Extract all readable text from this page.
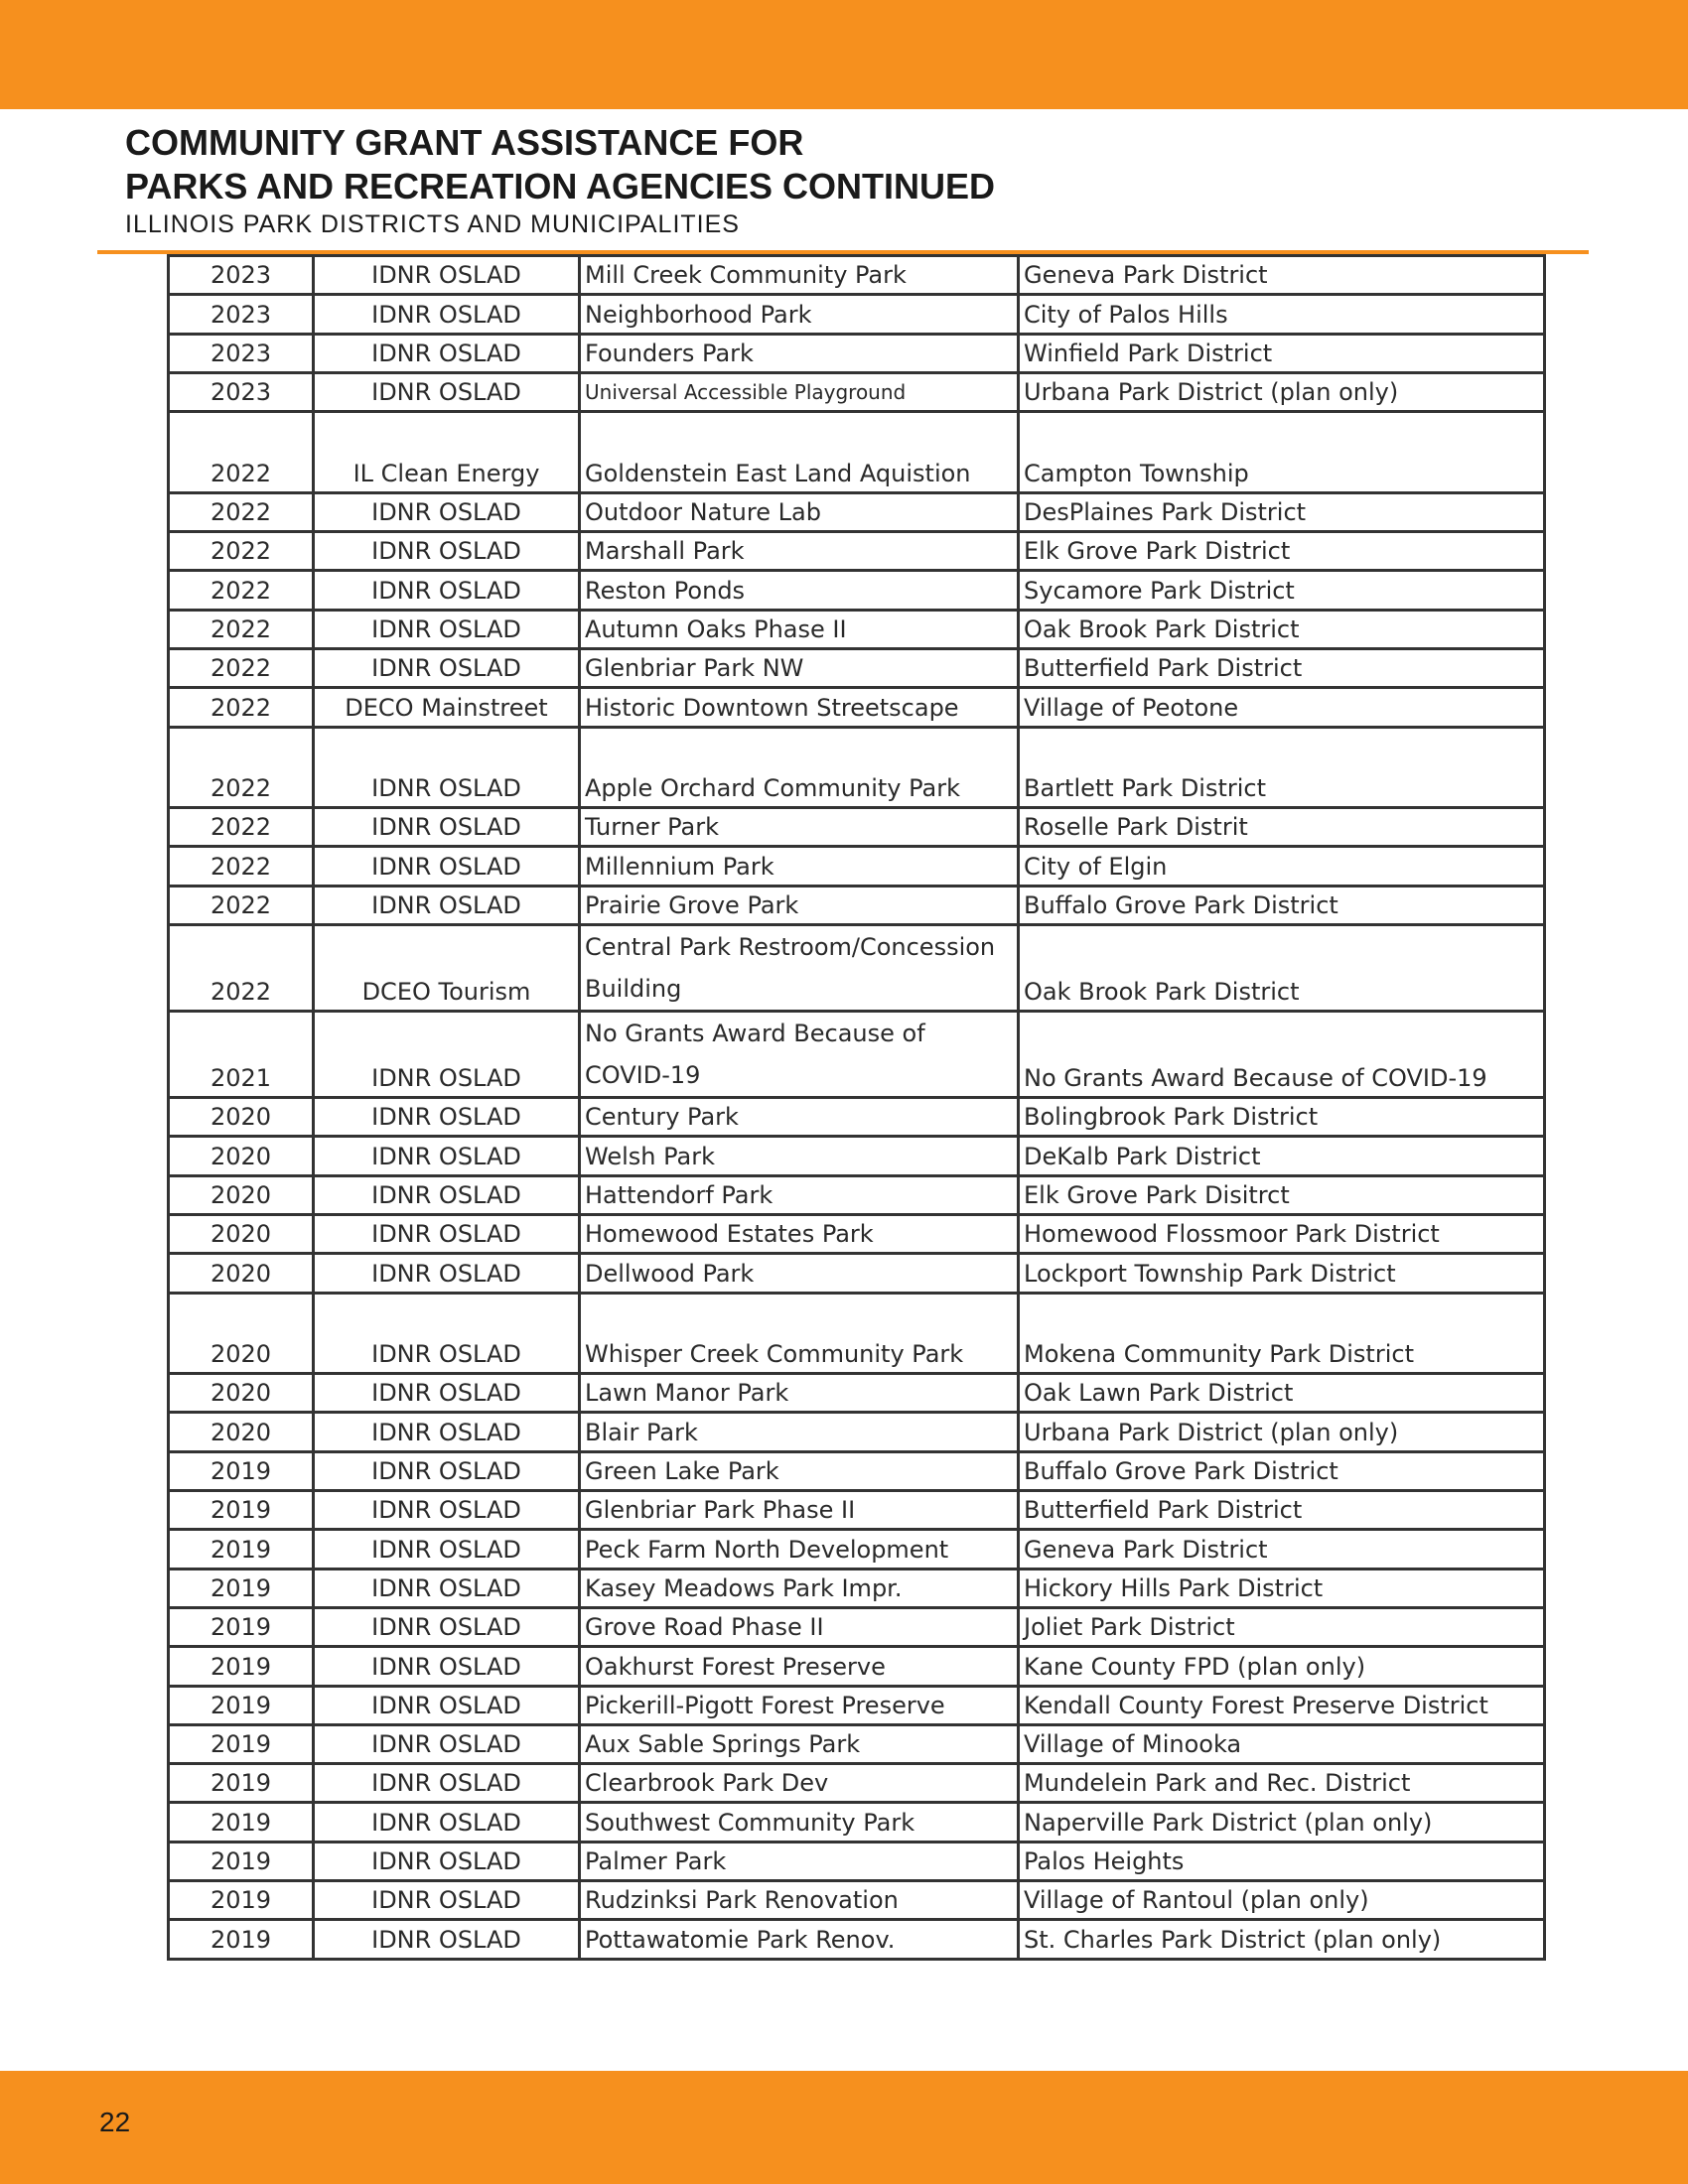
COMMUNITY GRANT ASSISTANCE FOR
PARKS AND RECREATION AGENCIES CONTINUED
ILLINOIS PARK DISTRICTS AND MUNICIPALITIES
2023	IDNR OSLAD	Mill Creek Community Park	Geneva Park District
2023	IDNR OSLAD	Neighborhood Park	City of Palos Hills
2023	IDNR OSLAD	Founders Park	Winfield Park District
2023	IDNR OSLAD	Universal Accessible Playground	Urbana Park District (plan only)
2022	IL Clean Energy	Goldenstein East Land Aquistion	Campton Township
2022	IDNR OSLAD	Outdoor Nature Lab	DesPlaines Park District
2022	IDNR OSLAD	Marshall Park	Elk Grove Park District
2022	IDNR OSLAD	Reston Ponds	Sycamore Park District
2022	IDNR OSLAD	Autumn Oaks Phase II	Oak Brook Park District
2022	IDNR OSLAD	Glenbriar Park NW	Butterfield Park District
2022	DECO Mainstreet	Historic Downtown Streetscape	Village of Peotone
2022	IDNR OSLAD	Apple Orchard Community Park	Bartlett Park District
2022	IDNR OSLAD	Turner Park	Roselle Park Distrit
2022	IDNR OSLAD	Millennium Park	City of Elgin
2022	IDNR OSLAD	Prairie Grove Park	Buffalo Grove Park District
2022	DCEO Tourism	Central Park Restroom/Concession Building	Oak Brook Park District
2021	IDNR OSLAD	No Grants Award Because of COVID-19	No Grants Award Because of COVID-19
2020	IDNR OSLAD	Century Park	Bolingbrook Park District
2020	IDNR OSLAD	Welsh Park	DeKalb Park District
2020	IDNR OSLAD	Hattendorf Park	Elk Grove Park Disitrct
2020	IDNR OSLAD	Homewood Estates Park	Homewood Flossmoor Park District
2020	IDNR OSLAD	Dellwood Park	Lockport Township Park District
2020	IDNR OSLAD	Whisper Creek Community Park	Mokena Community Park District
2020	IDNR OSLAD	Lawn Manor Park	Oak Lawn Park District
2020	IDNR OSLAD	Blair Park	Urbana Park District (plan only)
2019	IDNR OSLAD	Green Lake Park	Buffalo Grove Park District
2019	IDNR OSLAD	Glenbriar Park Phase II	Butterfield Park District
2019	IDNR OSLAD	Peck Farm North Development	Geneva Park District
2019	IDNR OSLAD	Kasey Meadows Park Impr.	Hickory Hills Park District
2019	IDNR OSLAD	Grove Road Phase II	Joliet Park District
2019	IDNR OSLAD	Oakhurst Forest Preserve	Kane County FPD (plan only)
2019	IDNR OSLAD	Pickerill-Pigott Forest Preserve	Kendall County Forest Preserve District
2019	IDNR OSLAD	Aux Sable Springs Park	Village of Minooka
2019	IDNR OSLAD	Clearbrook Park Dev	Mundelein Park and Rec. District
2019	IDNR OSLAD	Southwest Community Park	Naperville Park District (plan only)
2019	IDNR OSLAD	Palmer Park	Palos Heights
2019	IDNR OSLAD	Rudzinksi Park Renovation	Village of Rantoul (plan only)
2019	IDNR OSLAD	Pottawatomie Park Renov.	St. Charles Park District (plan only)
22
